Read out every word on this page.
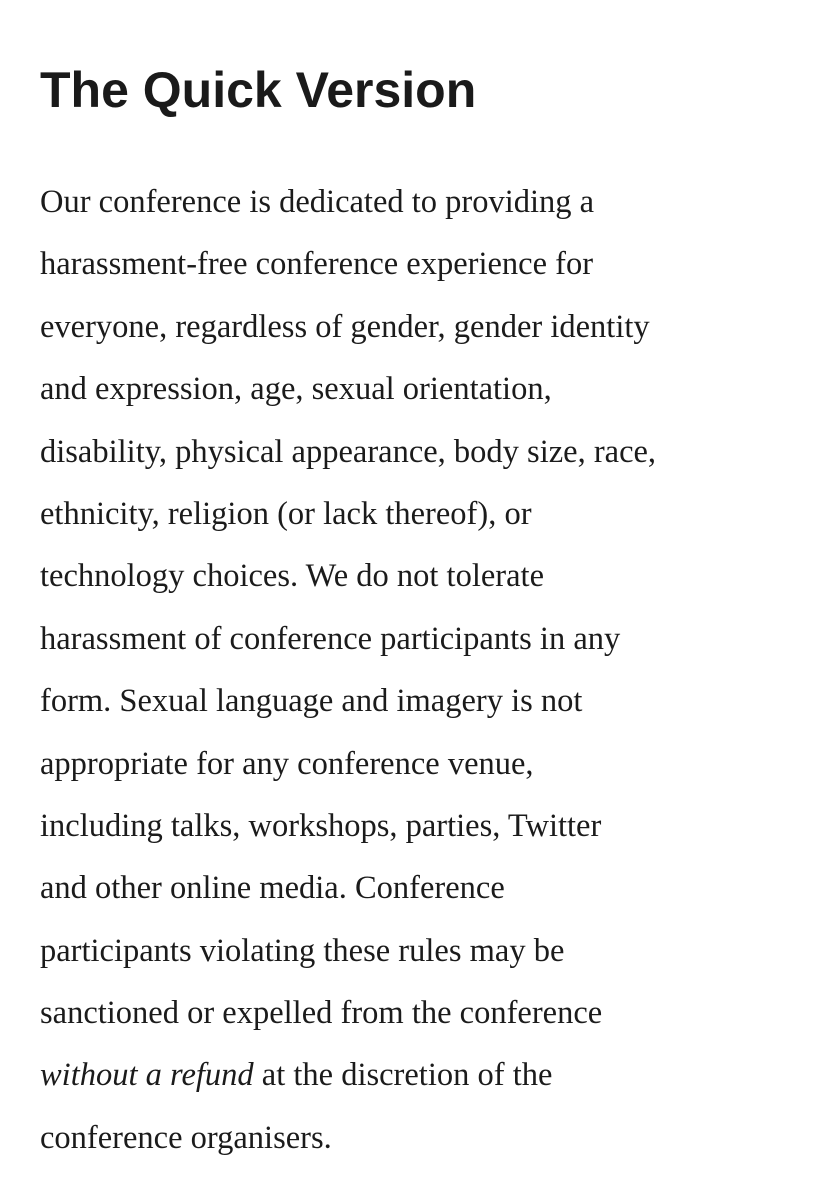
The Quick Version

Our conference is dedicated to providing a
harassment-free conference experience for
everyone, regardless of gender, gender identity
and expression, age, sexual orientation,
disability, physical appearance, body size, race,
ethnicity, religion (or lack thereof), or
technology choices. We do not tolerate
harassment of conference participants in any
form. Sexual language and imagery is not
appropriate for any conference venue,
including talks, workshops, parties, Twitter
and other online media. Conference
participants violating these rules may be
sanctioned or expelled from the conference
without a refund at the discretion of the
conference organisers.
